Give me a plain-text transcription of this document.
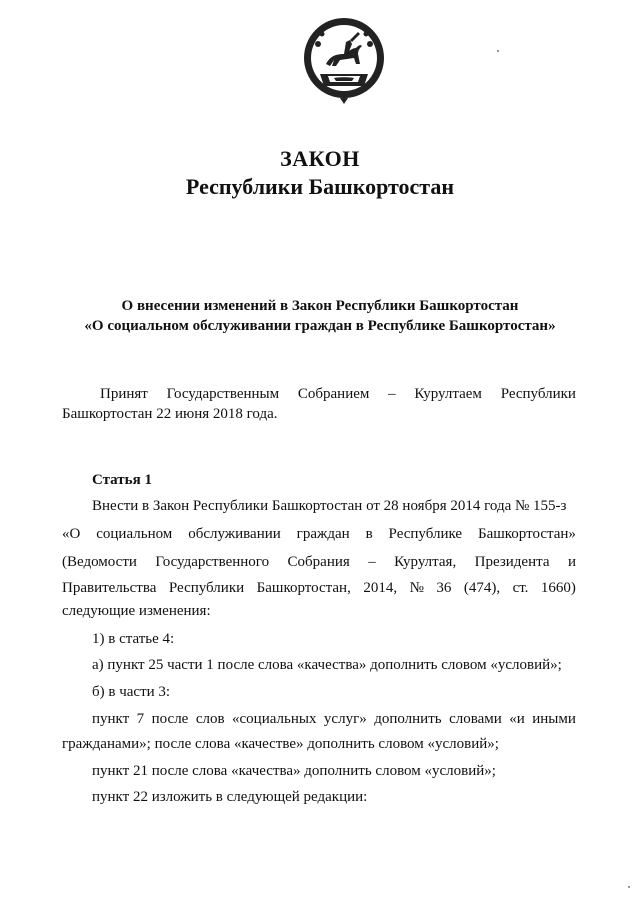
ЗАКОН
Республики Башкортостан
О внесении изменений в Закон Республики Башкортостан
«О социальном обслуживании граждан в Республике Башкортостан»
Принят Государственным Собранием – Курултаем Республики
Башкортостан 22 июня 2018 года.
Статья 1
Внести в Закон Республики Башкортостан от 28 ноября 2014 года № 155-з
«О социальном обслуживании граждан в Республике Башкортостан»
(Ведомости Государственного Собрания – Курултая, Президента и
Правительства Республики Башкортостан, 2014, № 36 (474), ст. 1660)
следующие изменения:
1) в статье 4:
а) пункт 25 части 1 после слова «качества» дополнить словом «условий»;
б) в части 3:
пункт 7 после слов «социальных услуг» дополнить словами «и иными
гражданами»; после слова «качестве» дополнить словом «условий»;
пункт 21 после слова «качества» дополнить словом «условий»;
пункт 22 изложить в следующей редакции:
